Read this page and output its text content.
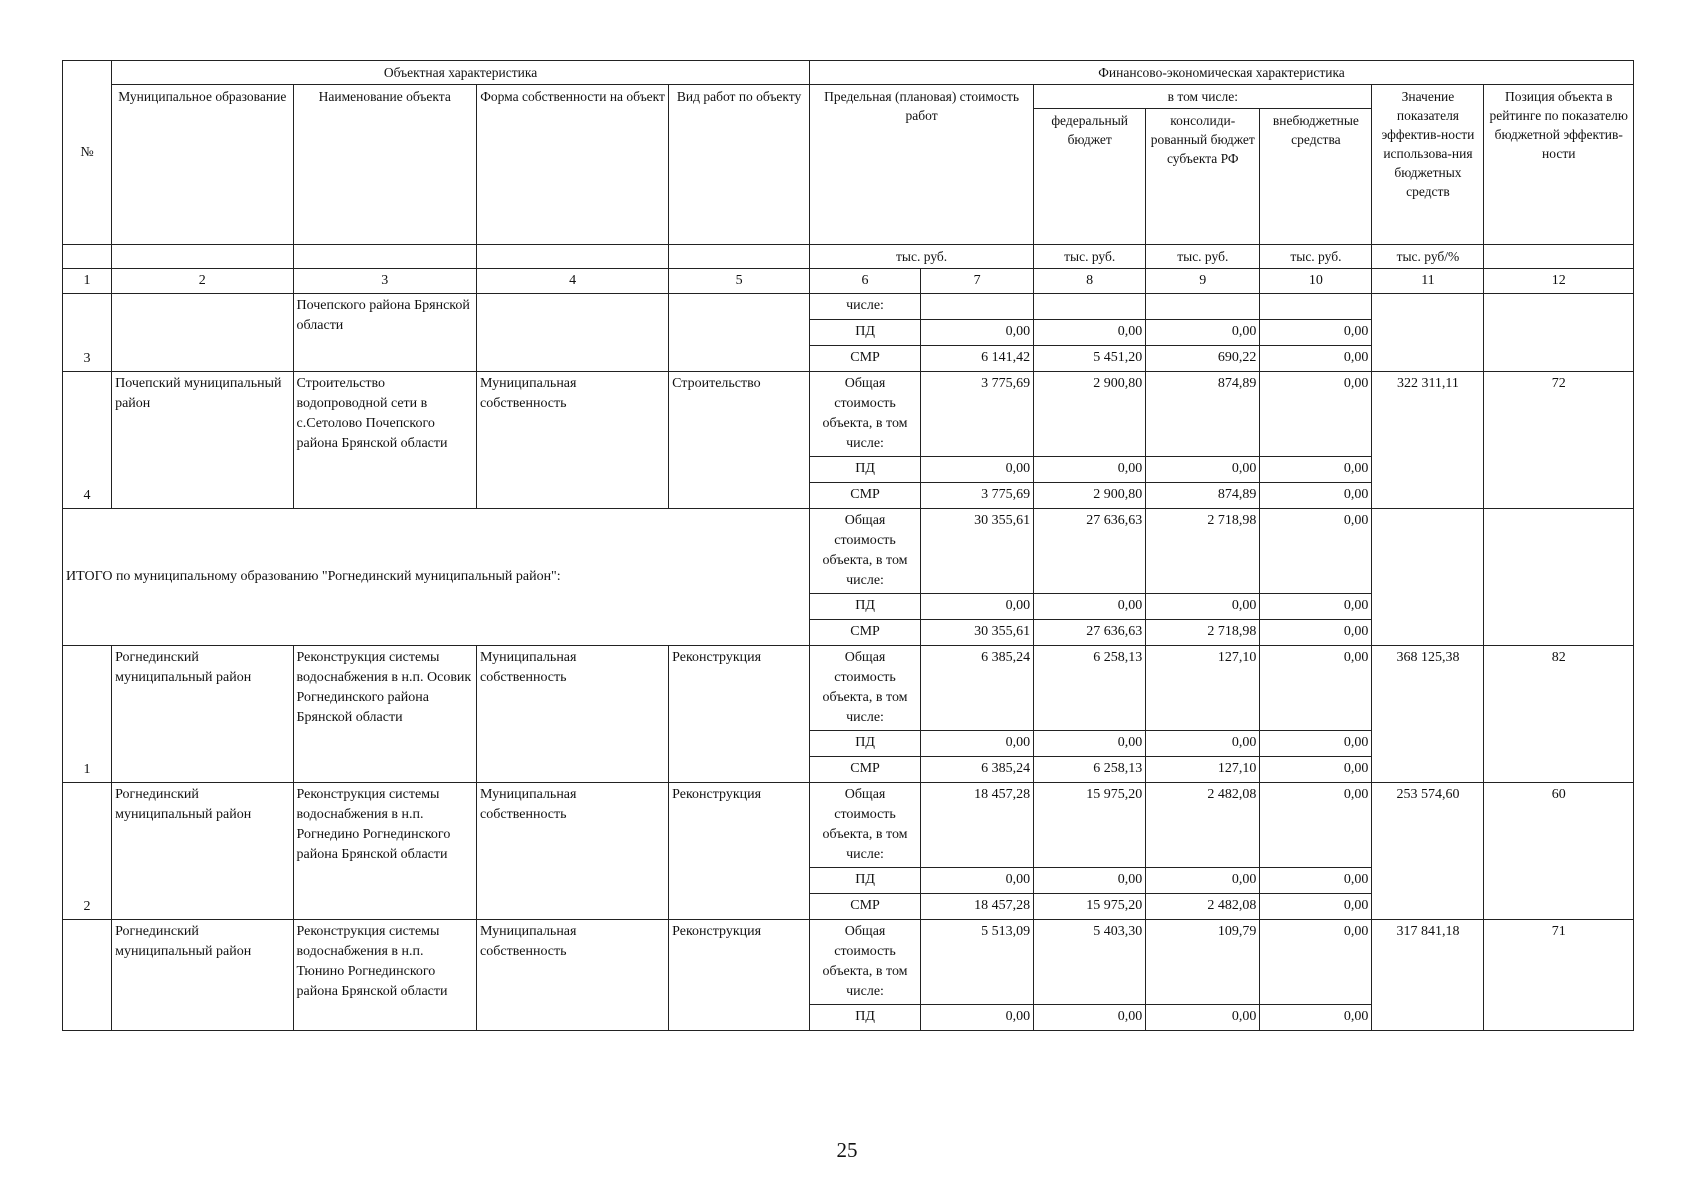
№	Объектная характеристика				Финансово-экономическая характеристика						
	Муниципальное образование	Наименование объекта	Форма собственности на объект	Вид работ по объекту	Предельная (плановая) стоимость работ		в том числе:			Значение показателя эффектив-ности использова-ния бюджетных средств	Позиция объекта в рейтинге по показателю бюджетной эффектив-ности
							федеральный бюджет	консолиди-рованный бюджет субъекта РФ	внебюджетные средства		
					тыс. руб.		тыс. руб.	тыс. руб.	тыс. руб.	тыс. руб/%	
1	2	3	4	5	6	7	8	9	10	11	12
3		Почепского района Брянской области			числе:						
					ПД	0,00	0,00	0,00	0,00		
					СМР	6 141,42	5 451,20	690,22	0,00		
4	Почепский муниципальный район	Строительство водопроводной сети в с.Сетолово Почепского района Брянской области	Муниципальная собственность	Строительство	Общая стоимость объекта, в том числе:	3 775,69	2 900,80	874,89	0,00	322 311,11	72
					ПД	0,00	0,00	0,00	0,00		
					СМР	3 775,69	2 900,80	874,89	0,00		
ИТОГО по муниципальному образованию "Рогнединский муниципальный район":					Общая стоимость объекта, в том числе:	30 355,61	27 636,63	2 718,98	0,00		
					ПД	0,00	0,00	0,00	0,00		
					СМР	30 355,61	27 636,63	2 718,98	0,00		
1	Рогнединский муниципальный район	Реконструкция системы водоснабжения в н.п. Осовик Рогнединского района Брянской области	Муниципальная собственность	Реконструкция	Общая стоимость объекта, в том числе:	6 385,24	6 258,13	127,10	0,00	368 125,38	82
					ПД	0,00	0,00	0,00	0,00		
					СМР	6 385,24	6 258,13	127,10	0,00		
2	Рогнединский муниципальный район	Реконструкция системы водоснабжения в н.п. Рогнедино Рогнединского района Брянской области	Муниципальная собственность	Реконструкция	Общая стоимость объекта, в том числе:	18 457,28	15 975,20	2 482,08	0,00	253 574,60	60
					ПД	0,00	0,00	0,00	0,00		
					СМР	18 457,28	15 975,20	2 482,08	0,00		
	Рогнединский муниципальный район	Реконструкция системы водоснабжения в н.п. Тюнино Рогнединского района Брянской области	Муниципальная собственность	Реконструкция	Общая стоимость объекта, в том числе:	5 513,09	5 403,30	109,79	0,00	317 841,18	71
					ПД	0,00	0,00	0,00	0,00		
25
